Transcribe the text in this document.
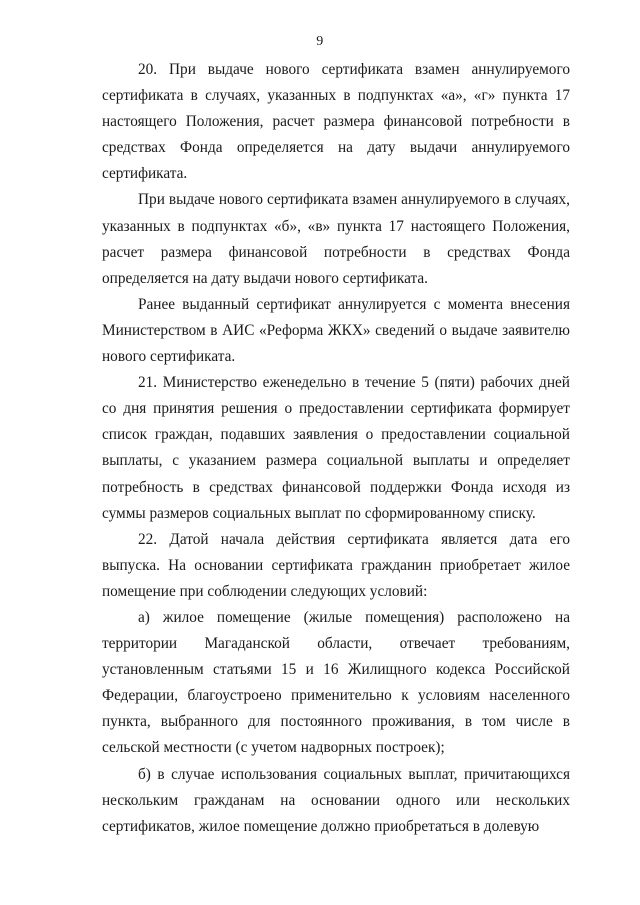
9

20. При выдаче нового сертификата взамен аннулируемого сертификата в случаях, указанных в подпунктах «а», «г» пункта 17 настоящего Положения, расчет размера финансовой потребности в средствах Фонда определяется на дату выдачи аннулируемого сертификата.

При выдаче нового сертификата взамен аннулируемого в случаях, указанных в подпунктах «б», «в» пункта 17 настоящего Положения, расчет размера финансовой потребности в средствах Фонда определяется на дату выдачи нового сертификата.

Ранее выданный сертификат аннулируется с момента внесения Министерством в АИС «Реформа ЖКХ» сведений о выдаче заявителю нового сертификата.

21. Министерство еженедельно в течение 5 (пяти) рабочих дней со дня принятия решения о предоставлении сертификата формирует список граждан, подавших заявления о предоставлении социальной выплаты, с указанием размера социальной выплаты и определяет потребность в средствах финансовой поддержки Фонда исходя из суммы размеров социальных выплат по сформированному списку.

22. Датой начала действия сертификата является дата его выпуска. На основании сертификата гражданин приобретает жилое помещение при соблюдении следующих условий:

а) жилое помещение (жилые помещения) расположено на территории Магаданской области, отвечает требованиям, установленным статьями 15 и 16 Жилищного кодекса Российской Федерации, благоустроено применительно к условиям населенного пункта, выбранного для постоянного проживания, в том числе в сельской местности (с учетом надворных построек);

б) в случае использования социальных выплат, причитающихся нескольким гражданам на основании одного или нескольких сертификатов, жилое помещение должно приобретаться в долевую
